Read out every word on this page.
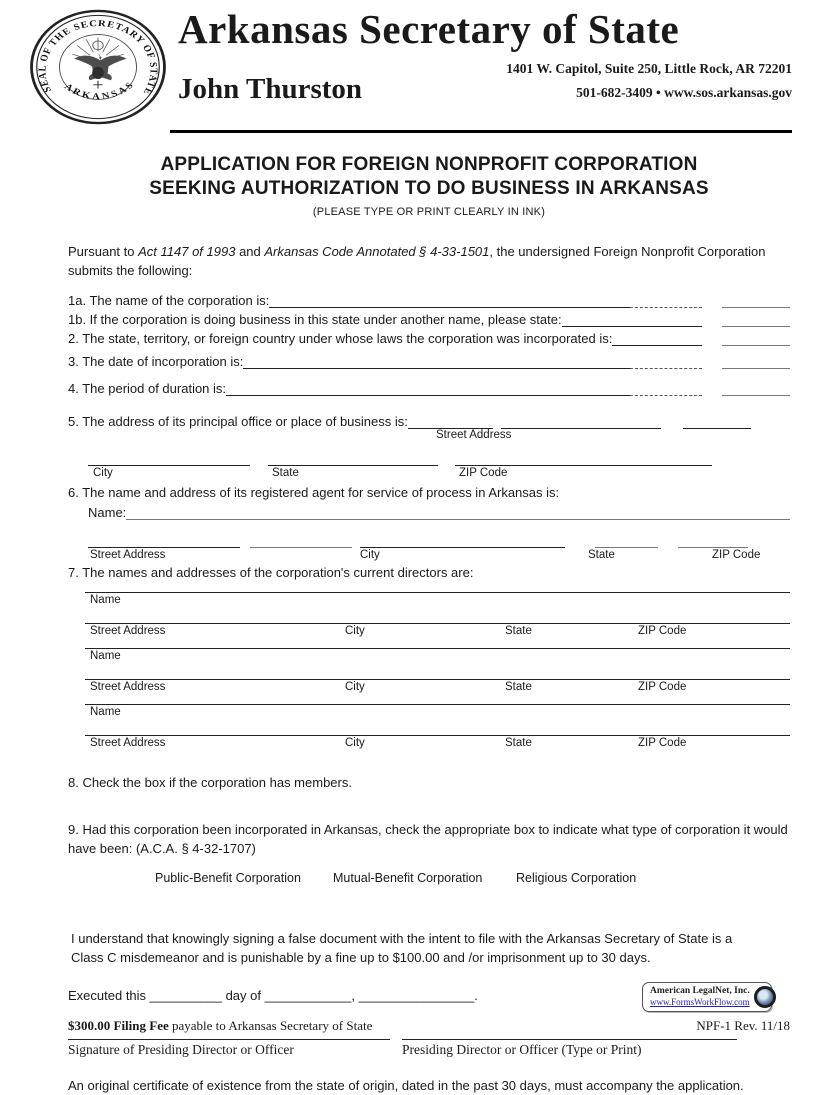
SEAL OF THE SECRETARY OF STATE
ARKANSAS
Arkansas Secretary of State
John Thurston
1401 W. Capitol, Suite 250, Little Rock, AR 72201
501-682-3409 • www.sos.arkansas.gov
APPLICATION FOR FOREIGN NONPROFIT CORPORATION
SEEKING AUTHORIZATION TO DO BUSINESS IN ARKANSAS
(PLEASE TYPE OR PRINT CLEARLY IN INK)

Pursuant to Act 1147 of 1993 and Arkansas Code Annotated § 4-33-1501, the undersigned Foreign Nonprofit Corporation submits the following:

1a. The name of the corporation is:
1b. If the corporation is doing business in this state under another name, please state:
2. The state, territory, or foreign country under whose laws the corporation was incorporated is:
3. The date of incorporation is:
4. The period of duration is:
5. The address of its principal office or place of business is:
Street Address
City	State	ZIP Code
6. The name and address of its registered agent for service of process in Arkansas is:
Name:
Street Address	City	State	ZIP Code
7. The names and addresses of the corporation's current directors are:
Name
Street Address	City	State	ZIP Code
Name
Street Address	City	State	ZIP Code
Name
Street Address	City	State	ZIP Code
8. Check the box if the corporation has members.
9. Had this corporation been incorporated in Arkansas, check the appropriate box to indicate what type of corporation it would have been: (A.C.A. § 4-32-1707)
Public-Benefit Corporation	Mutual-Benefit Corporation	Religious Corporation
I understand that knowingly signing a false document with the intent to file with the Arkansas Secretary of State is a Class C misdemeanor and is punishable by a fine up to $100.00 and /or imprisonment up to 30 days.
Executed this __________ day of ____________, ________________.
Signature of Presiding Director or Officer	Presiding Director or Officer (Type or Print)
An original certificate of existence from the state of origin, dated in the past 30 days, must accompany the application.
American LegalNet, Inc.
www.FormsWorkFlow.com
$300.00 Filing Fee payable to Arkansas Secretary of State	NPF-1 Rev. 11/18
